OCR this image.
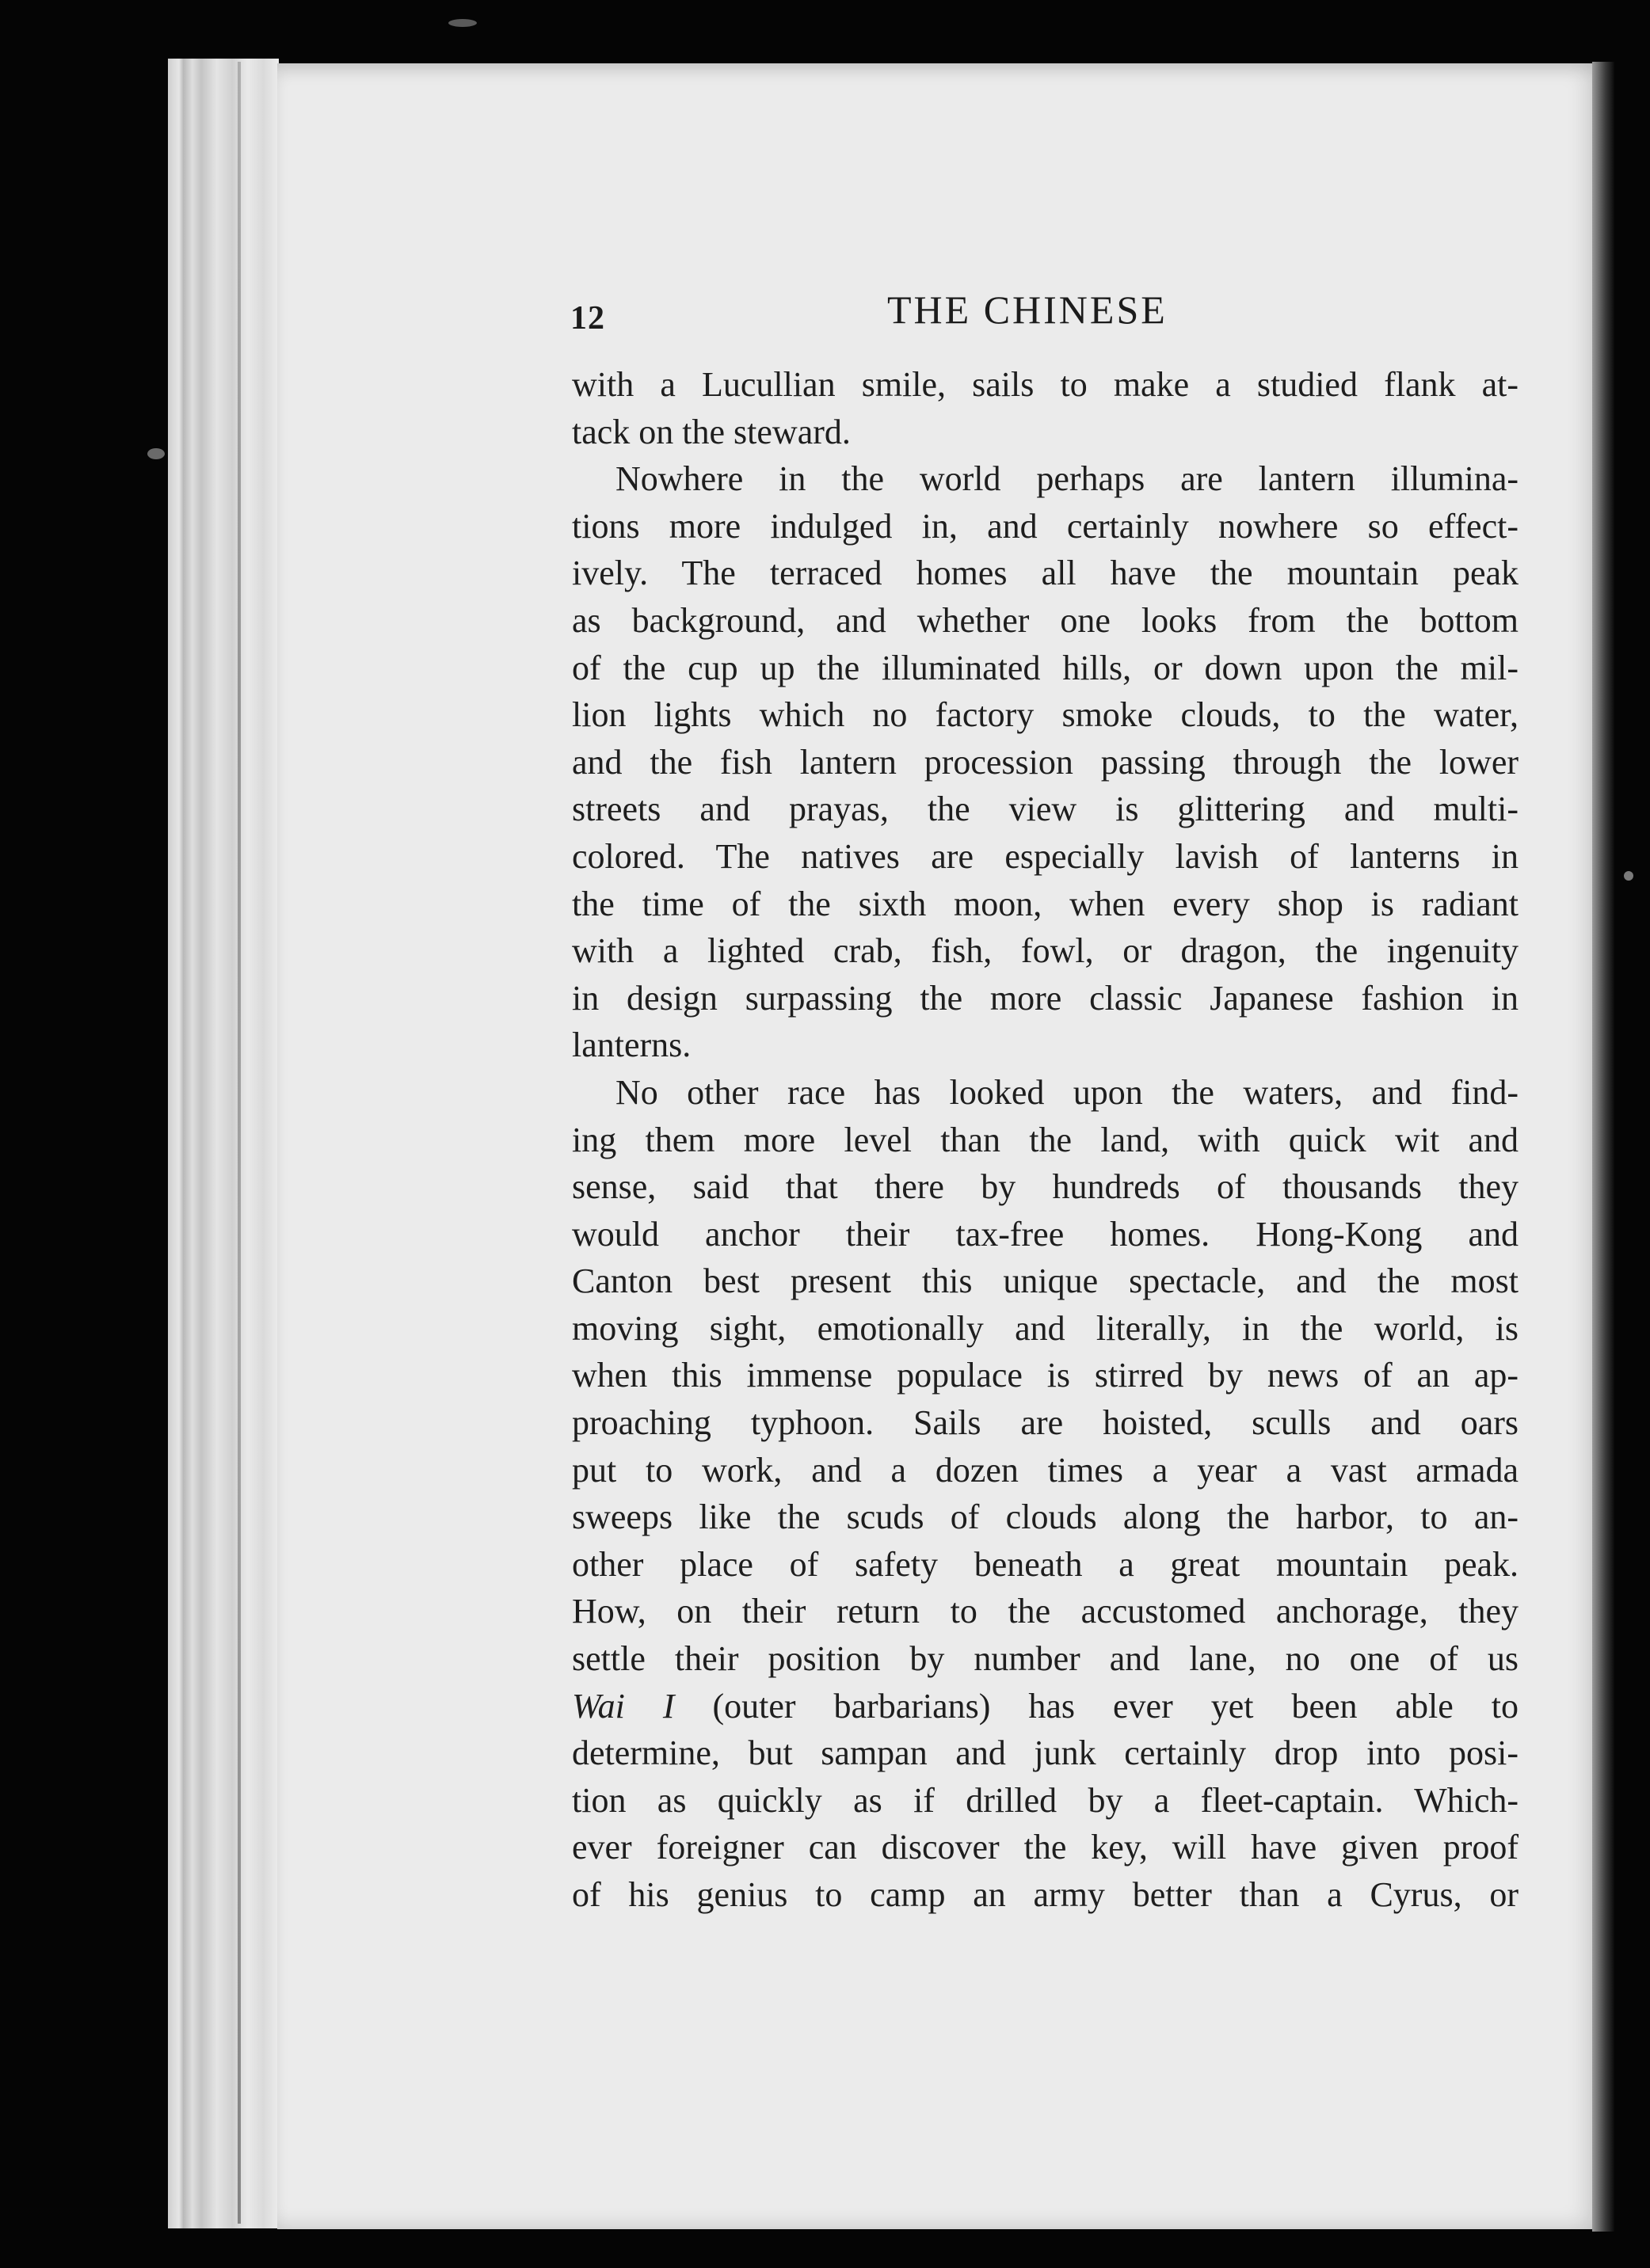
12	THE CHINESE
with a Lucullian smile, sails to make a studied flank at-
tack on the steward.
Nowhere in the world perhaps are lantern illumina-
tions more indulged in, and certainly nowhere so effect-
ively. The terraced homes all have the mountain peak
as background, and whether one looks from the bottom
of the cup up the illuminated hills, or down upon the mil-
lion lights which no factory smoke clouds, to the water,
and the fish lantern procession passing through the lower
streets and prayas, the view is glittering and multi-
colored. The natives are especially lavish of lanterns in
the time of the sixth moon, when every shop is radiant
with a lighted crab, fish, fowl, or dragon, the ingenuity
in design surpassing the more classic Japanese fashion in
lanterns.
No other race has looked upon the waters, and find-
ing them more level than the land, with quick wit and
sense, said that there by hundreds of thousands they
would anchor their tax-free homes. Hong-Kong and
Canton best present this unique spectacle, and the most
moving sight, emotionally and literally, in the world, is
when this immense populace is stirred by news of an ap-
proaching typhoon. Sails are hoisted, sculls and oars
put to work, and a dozen times a year a vast armada
sweeps like the scuds of clouds along the harbor, to an-
other place of safety beneath a great mountain peak.
How, on their return to the accustomed anchorage, they
settle their position by number and lane, no one of us
Wai I (outer barbarians) has ever yet been able to
determine, but sampan and junk certainly drop into posi-
tion as quickly as if drilled by a fleet-captain. Which-
ever foreigner can discover the key, will have given proof
of his genius to camp an army better than a Cyrus, or
